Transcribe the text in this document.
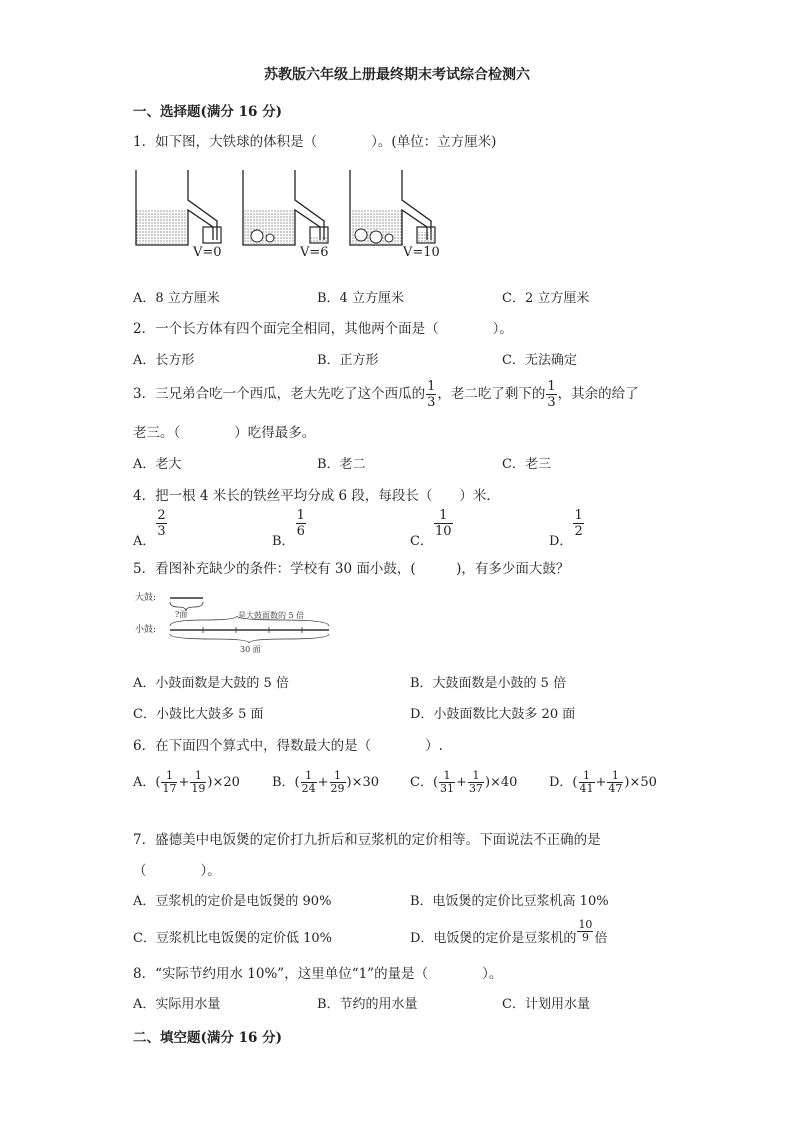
苏教版六年级上册最终期末考试综合检测六
一、选择题(满分 16 分)
1．如下图，大铁球的体积是（　　　　）。(单位：立方厘米)
V=0	V=6	V=10
A．8 立方厘米	B．4 立方厘米	C．2 立方厘米
2．一个长方体有四个面完全相同，其他两个面是（　　　　）。
A．长方形	B．正方形	C．无法确定
3．三兄弟合吃一个西瓜，老大先吃了这个西瓜的 $\frac{1}{3}$ ，老二吃了剩下的 $\frac{1}{3}$ ，其余的给了
老三。（　　　　）吃得最多。
A．老大	B．老二	C．老三
4．把一根 4 米长的铁丝平均分成 6 段，每段长（　　）米．
A．
$\frac{2}{3}$
B．
$\frac{1}{6}$
C．
$\frac{1}{10}$
D．
$\frac{1}{2}$
5．看图补充缺少的条件：学校有 30 面小鼓，(　　　)，有多少面大鼓？
大鼓:
?面
小鼓:
是大鼓面数的 5 倍
30 面
A．小鼓面数是大鼓的 5 倍	B．大鼓面数是小鼓的 5 倍
C．小鼓比大鼓多 5 面	D．小鼓面数比大鼓多 20 面
6．在下面四个算式中，得数最大的是（　　　　）.
A．( $\frac{1}{17} + \frac{1}{19} )\times 20$ B．( $\frac{1}{24} + \frac{1}{29} )\times 30$ C．( $\frac{1}{31} + \frac{1}{37} )\times 40$ D．( $\frac{1}{41} + \frac{1}{47} )\times 50$
7．盛德美中电饭煲的定价打九折后和豆浆机的定价相等。下面说法不正确的是
（　　　　）。
A．豆浆机的定价是电饭煲的 90%	B．电饭煲的定价比豆浆机高 10%
C．豆浆机比电饭煲的定价低 10%	D．电饭煲的定价是豆浆机的 $\frac{10}{9}$ 倍
8．“实际节约用水 10%”，这里单位“1”的量是（　　　　）。
A．实际用水量	B．节约的用水量	C．计划用水量
二、填空题(满分 16 分)
